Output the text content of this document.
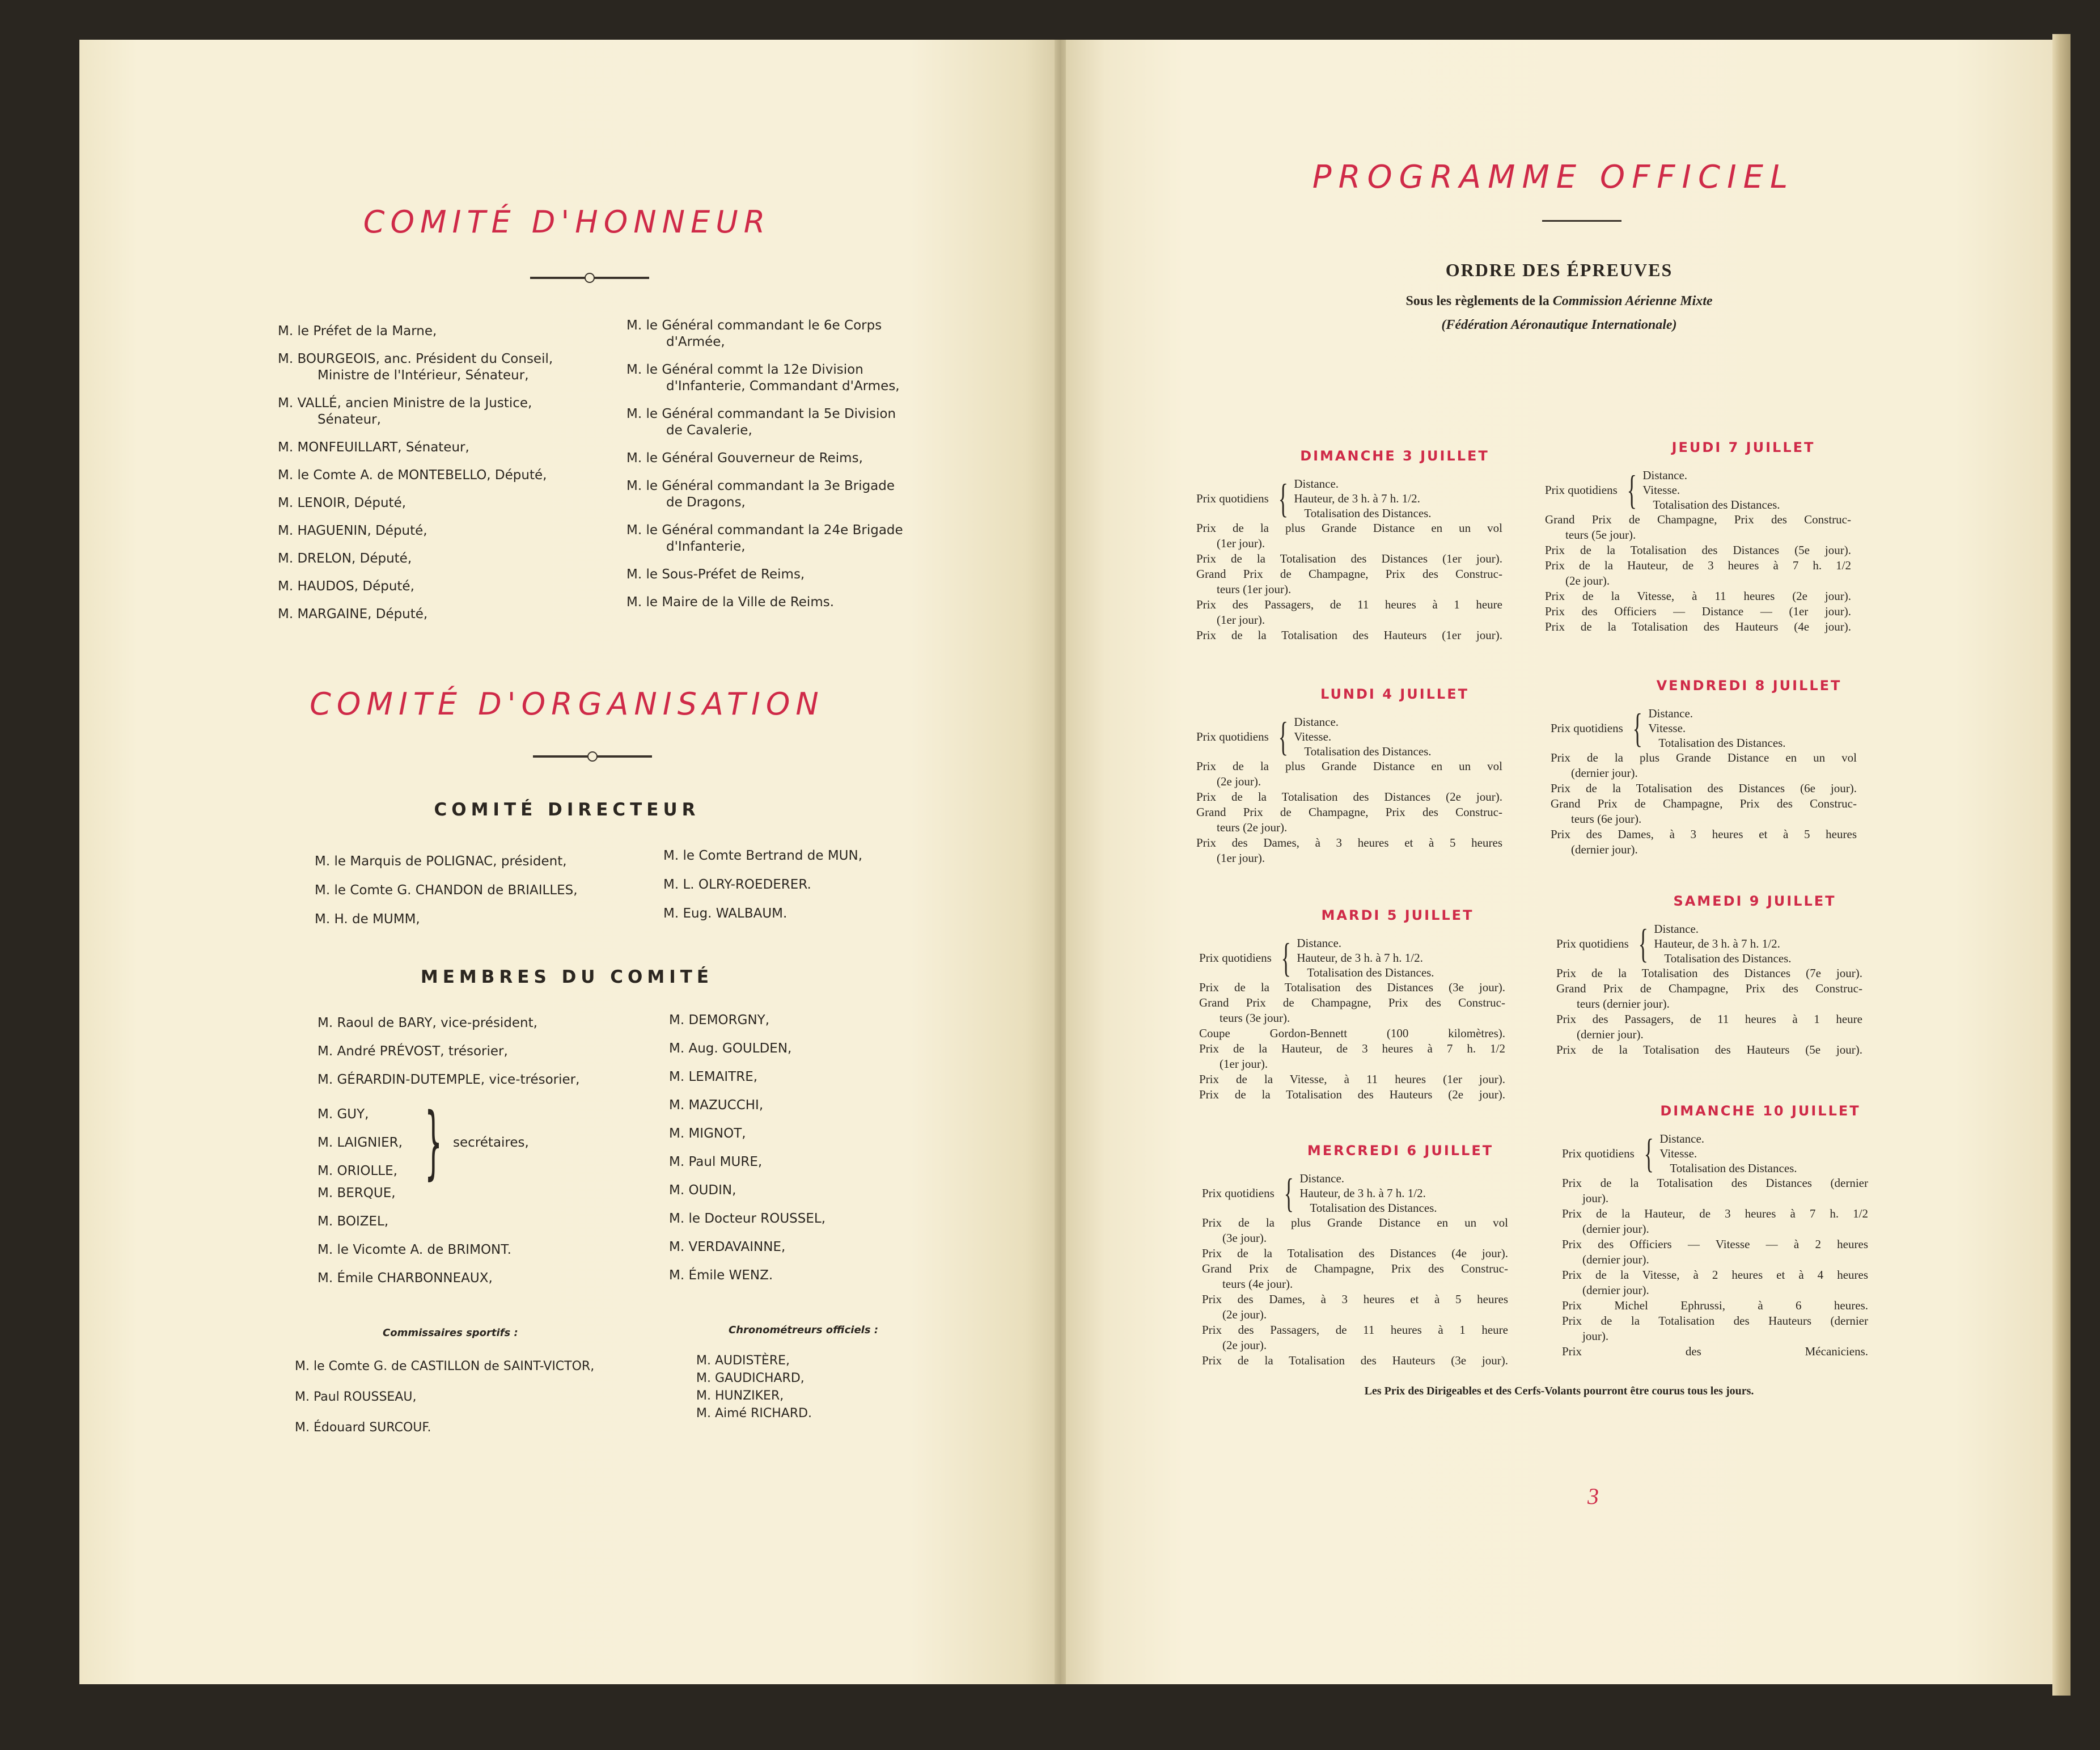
COMITÉ D'HONNEUR
M. le Préfet de la Marne,
M. BOURGEOIS, anc. Président du Conseil,
Ministre de l'Intérieur, Sénateur,
M. VALLÉ, ancien Ministre de la Justice,
Sénateur,
M. MONFEUILLART, Sénateur,
M. le Comte A. de MONTEBELLO, Député,
M. LENOIR, Député,
M. HAGUENIN, Député,
M. DRELON, Député,
M. HAUDOS, Député,
M. MARGAINE, Député,
M. le Général commandant le 6e Corps
d'Armée,
M. le Général commt la 12e Division
d'Infanterie, Commandant d'Armes,
M. le Général commandant la 5e Division
de Cavalerie,
M. le Général Gouverneur de Reims,
M. le Général commandant la 3e Brigade
de Dragons,
M. le Général commandant la 24e Brigade
d'Infanterie,
M. le Sous-Préfet de Reims,
M. le Maire de la Ville de Reims.
COMITÉ D'ORGANISATION
COMITÉ DIRECTEUR
M. le Marquis de POLIGNAC, président,
M. le Comte G. CHANDON de BRIAILLES,
M. H. de MUMM,
M. le Comte Bertrand de MUN,
M. L. OLRY-ROEDERER.
M. Eug. WALBAUM.
MEMBRES DU COMITÉ
M. Raoul de BARY, vice-président,
M. André PRÉVOST, trésorier,
M. GÉRARDIN-DUTEMPLE, vice-trésorier,
M. GUY,
M. LAIGNIER,
M. ORIOLLE, } secrétaires,
M. BERQUE,
M. BOIZEL,
M. le Vicomte A. de BRIMONT.
M. Émile CHARBONNEAUX,
M. DEMORGNY,
M. Aug. GOULDEN,
M. LEMAITRE,
M. MAZUCCHI,
M. MIGNOT,
M. Paul MURE,
M. OUDIN,
M. le Docteur ROUSSEL,
M. VERDAVAINNE,
M. Émile WENZ.
Commissaires sportifs :
M. le Comte G. de CASTILLON de SAINT-VICTOR,
M. Paul ROUSSEAU,
M. Édouard SURCOUF.
Chronométreurs officiels :
M. AUDISTÈRE,
M. GAUDICHARD,
M. HUNZIKER,
M. Aimé RICHARD.
PROGRAMME OFFICIEL
ORDRE DES ÉPREUVES
Sous les règlements de la Commission Aérienne Mixte
(Fédération Aéronautique Internationale)
DIMANCHE 3 JUILLET
Prix quotidiens { Distance.
Hauteur, de 3 h. à 7 h. 1/2.
Totalisation des Distances.
Prix de la plus Grande Distance en un vol
(1er jour).
Prix de la Totalisation des Distances (1er jour).
Grand Prix de Champagne, Prix des Construc-
teurs (1er jour).
Prix des Passagers, de 11 heures à 1 heure
(1er jour).
Prix de la Totalisation des Hauteurs (1er jour).
LUNDI 4 JUILLET
Prix quotidiens { Distance.
Vitesse.
Totalisation des Distances.
Prix de la plus Grande Distance en un vol
(2e jour).
Prix de la Totalisation des Distances (2e jour).
Grand Prix de Champagne, Prix des Construc-
teurs (2e jour).
Prix des Dames, à 3 heures et à 5 heures
(1er jour).
MARDI 5 JUILLET
Prix quotidiens { Distance.
Hauteur, de 3 h. à 7 h. 1/2.
Totalisation des Distances.
Prix de la Totalisation des Distances (3e jour).
Grand Prix de Champagne, Prix des Construc-
teurs (3e jour).
Coupe Gordon-Bennett (100 kilomètres).
Prix de la Hauteur, de 3 heures à 7 h. 1/2
(1er jour).
Prix de la Vitesse, à 11 heures (1er jour).
Prix de la Totalisation des Hauteurs (2e jour).
MERCREDI 6 JUILLET
Prix quotidiens { Distance.
Hauteur, de 3 h. à 7 h. 1/2.
Totalisation des Distances.
Prix de la plus Grande Distance en un vol
(3e jour).
Prix de la Totalisation des Distances (4e jour).
Grand Prix de Champagne, Prix des Construc-
teurs (4e jour).
Prix des Dames, à 3 heures et à 5 heures
(2e jour).
Prix des Passagers, de 11 heures à 1 heure
(2e jour).
Prix de la Totalisation des Hauteurs (3e jour).
JEUDI 7 JUILLET
Prix quotidiens { Distance.
Vitesse.
Totalisation des Distances.
Grand Prix de Champagne, Prix des Construc-
teurs (5e jour).
Prix de la Totalisation des Distances (5e jour).
Prix de la Hauteur, de 3 heures à 7 h. 1/2
(2e jour).
Prix de la Vitesse, à 11 heures (2e jour).
Prix des Officiers — Distance — (1er jour).
Prix de la Totalisation des Hauteurs (4e jour).
VENDREDI 8 JUILLET
Prix quotidiens { Distance.
Vitesse.
Totalisation des Distances.
Prix de la plus Grande Distance en un vol
(dernier jour).
Prix de la Totalisation des Distances (6e jour).
Grand Prix de Champagne, Prix des Construc-
teurs (6e jour).
Prix des Dames, à 3 heures et à 5 heures
(dernier jour).
SAMEDI 9 JUILLET
Prix quotidiens { Distance.
Hauteur, de 3 h. à 7 h. 1/2.
Totalisation des Distances.
Prix de la Totalisation des Distances (7e jour).
Grand Prix de Champagne, Prix des Construc-
teurs (dernier jour).
Prix des Passagers, de 11 heures à 1 heure
(dernier jour).
Prix de la Totalisation des Hauteurs (5e jour).
DIMANCHE 10 JUILLET
Prix quotidiens { Distance.
Vitesse.
Totalisation des Distances.
Prix de la Totalisation des Distances (dernier
jour).
Prix de la Hauteur, de 3 heures à 7 h. 1/2
(dernier jour).
Prix des Officiers — Vitesse — à 2 heures
(dernier jour).
Prix de la Vitesse, à 2 heures et à 4 heures
(dernier jour).
Prix Michel Ephrussi, à 6 heures.
Prix de la Totalisation des Hauteurs (dernier
jour).
Prix des Mécaniciens.
Les Prix des Dirigeables et des Cerfs-Volants pourront être courus tous les jours.
3
